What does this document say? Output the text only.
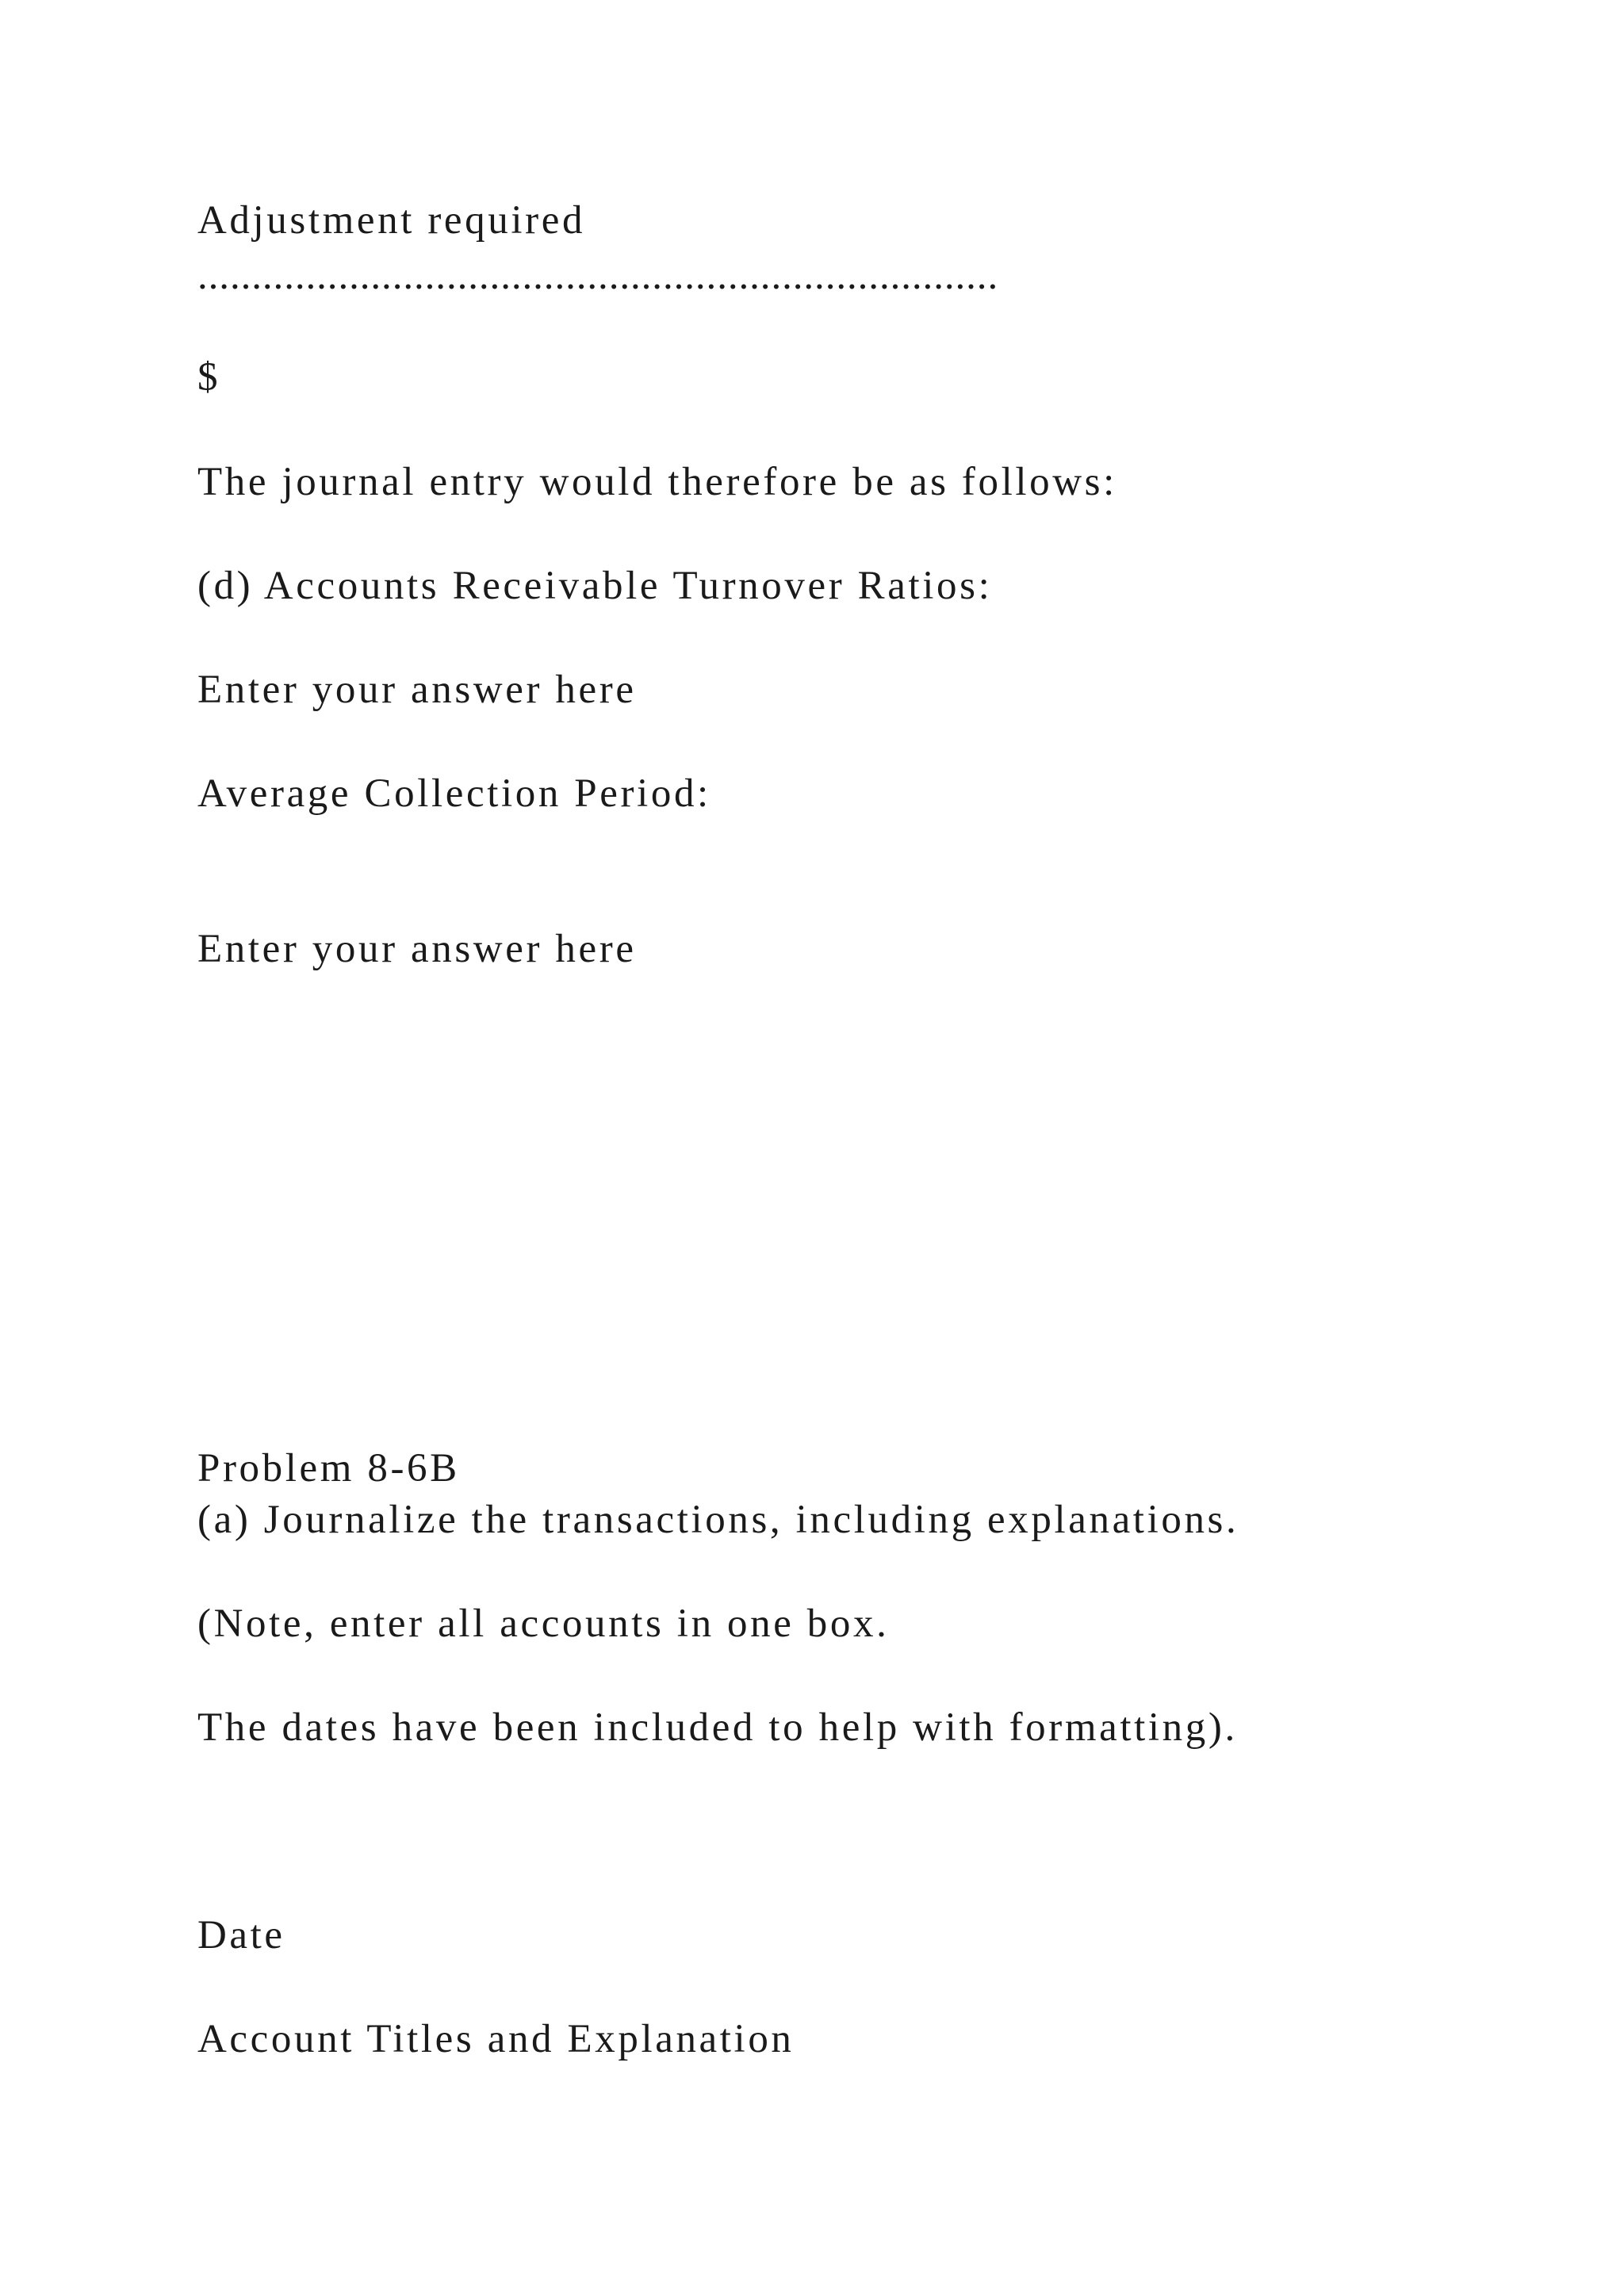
Adjustment required
..........................................................................
$
The journal entry would therefore be as follows:
(d) Accounts Receivable Turnover Ratios:
Enter your answer here
Average Collection Period:
Enter your answer here
Problem 8-6B
(a) Journalize the transactions, including explanations.
(Note, enter all accounts in one box.
The dates have been included to help with formatting).
Date
Account Titles and Explanation
